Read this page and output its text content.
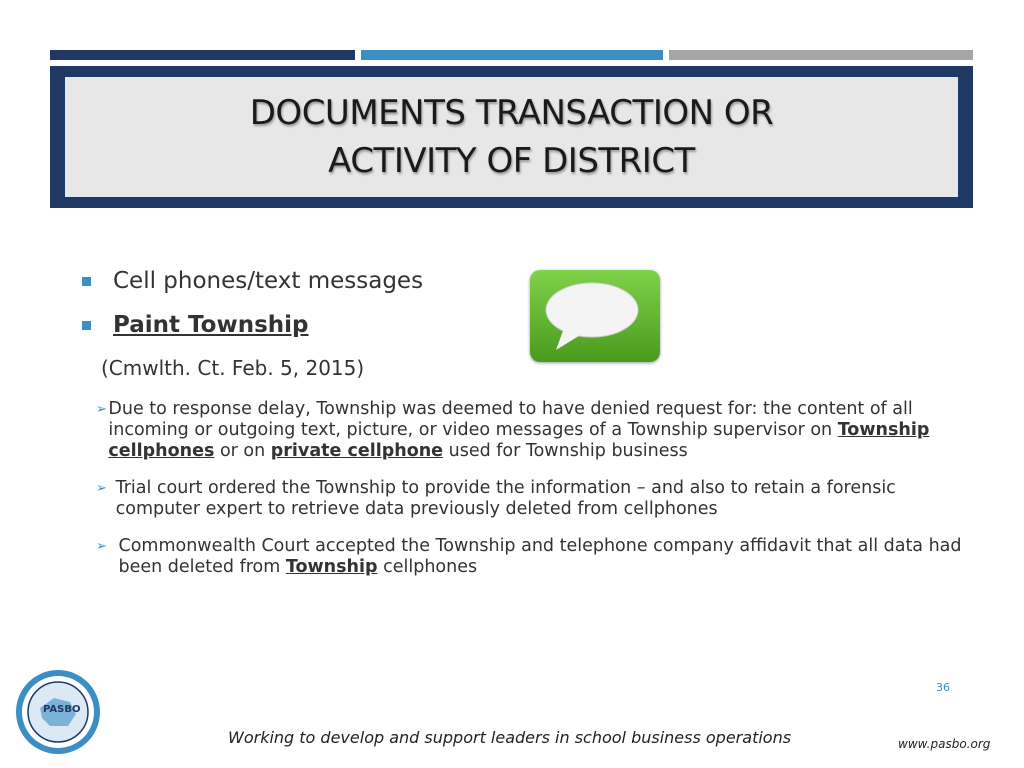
DOCUMENTS TRANSACTION OR
ACTIVITY OF DISTRICT
Cell phones/text messages
Paint Township
(Cmwlth. Ct. Feb. 5, 2015)
➢ Due to response delay, Township was deemed to have denied request for: the content of all incoming or outgoing text, picture, or video messages of a Township supervisor on Township cellphones or on private cellphone used for Township business
➢ Trial court ordered the Township to provide the information – and also to retain a forensic computer expert to retrieve data previously deleted from cellphones
➢ Commonwealth Court accepted the Township and telephone company affidavit that all data had been deleted from Township cellphones
36
PASBO
Working to develop and support leaders in school business operations	www.pasbo.org
